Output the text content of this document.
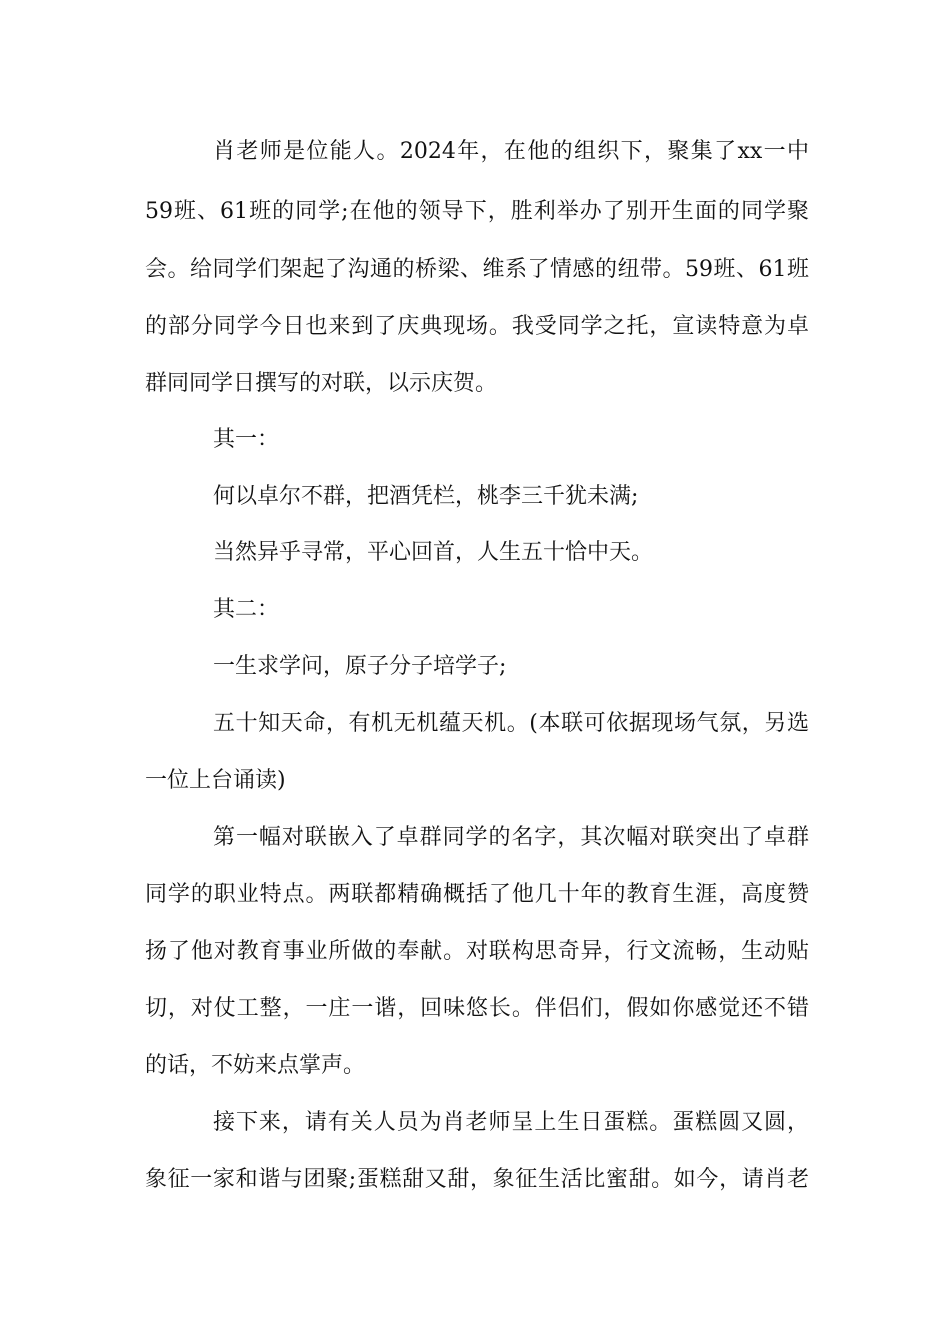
肖老师是位能人。2024年，在他的组织下，聚集了xx一中
59班、61班的同学;在他的领导下，胜利举办了别开生面的同学聚
会。给同学们架起了沟通的桥梁、维系了情感的纽带。59班、61班
的部分同学今日也来到了庆典现场。我受同学之托，宣读特意为卓
群同同学日撰写的对联，以示庆贺。
其一：
何以卓尔不群，把酒凭栏，桃李三千犹未满;
当然异乎寻常，平心回首，人生五十恰中天。
其二：
一生求学问，原子分子培学子;
五十知天命，有机无机蕴天机。(本联可依据现场气氛，另选
一位上台诵读)
第一幅对联嵌入了卓群同学的名字，其次幅对联突出了卓群
同学的职业特点。两联都精确概括了他几十年的教育生涯，高度赞
扬了他对教育事业所做的奉献。对联构思奇异，行文流畅，生动贴
切，对仗工整，一庄一谐，回味悠长。伴侣们，假如你感觉还不错
的话，不妨来点掌声。
接下来，请有关人员为肖老师呈上生日蛋糕。蛋糕圆又圆，
象征一家和谐与团聚;蛋糕甜又甜，象征生活比蜜甜。如今，请肖老
